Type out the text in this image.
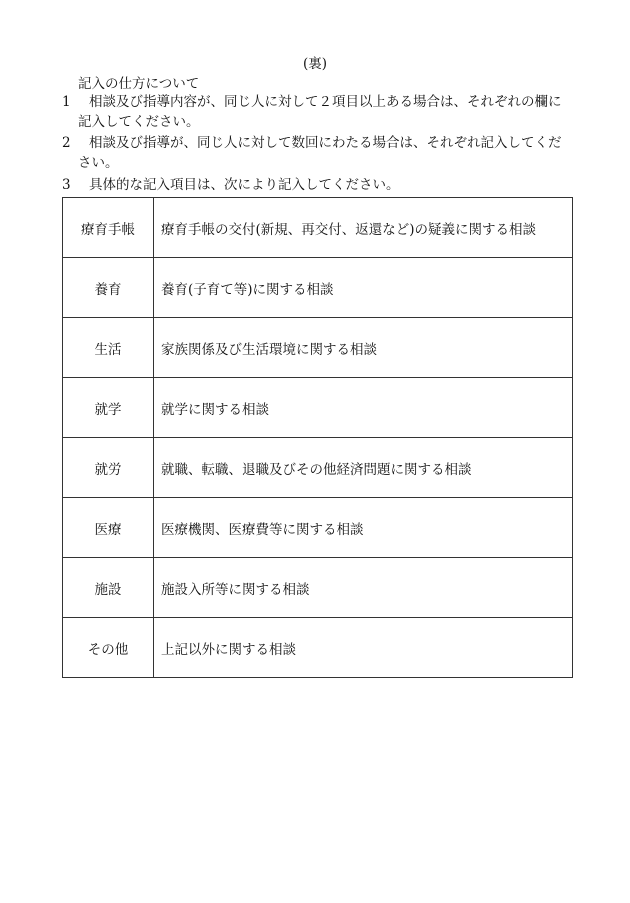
(裏)
記入の仕方について
1	相談及び指導内容が、同じ人に対して２項目以上ある場合は、それぞれの欄に
記入してください。
2	相談及び指導が、同じ人に対して数回にわたる場合は、それぞれ記入してくだ
さい。
3	具体的な記入項目は、次により記入してください。
療育手帳	療育手帳の交付(新規、再交付、返還など)の疑義に関する相談
養育	養育(子育て等)に関する相談
生活	家族関係及び生活環境に関する相談
就学	就学に関する相談
就労	就職、転職、退職及びその他経済問題に関する相談
医療	医療機関、医療費等に関する相談
施設	施設入所等に関する相談
その他	上記以外に関する相談
